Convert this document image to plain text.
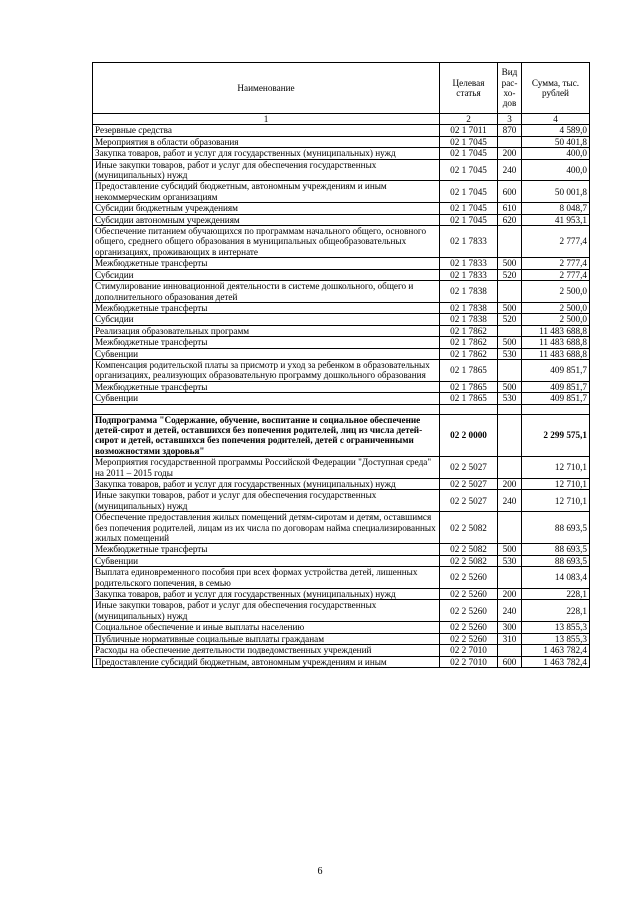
Наименование	Целевая статья	Вид рас-хо-дов	Сумма, тыс. рублей
1	2	3	4
Резервные средства	02 1 7011	870	4 589,0
Мероприятия в области образования	02 1 7045		50 401,8
Закупка товаров, работ и услуг для государственных (муниципальных) нужд	02 1 7045	200	400,0
Иные закупки товаров, работ и услуг для обеспечения государственных (муниципальных) нужд	02 1 7045	240	400,0
Предоставление субсидий бюджетным, автономным учреждениям и иным некоммерческим организациям	02 1 7045	600	50 001,8
Субсидии бюджетным учреждениям	02 1 7045	610	8 048,7
Субсидии автономным учреждениям	02 1 7045	620	41 953,1
Обеспечение питанием обучающихся по программам начального общего, основного общего, среднего общего образования в муниципальных общеобразовательных организациях, проживающих в интернате	02 1 7833		2 777,4
Межбюджетные трансферты	02 1 7833	500	2 777,4
Субсидии	02 1 7833	520	2 777,4
Стимулирование инновационной деятельности в системе дошкольного, общего и дополнительного образования детей	02 1 7838		2 500,0
Межбюджетные трансферты	02 1 7838	500	2 500,0
Субсидии	02 1 7838	520	2 500,0
Реализация образовательных программ	02 1 7862		11 483 688,8
Межбюджетные трансферты	02 1 7862	500	11 483 688,8
Субвенции	02 1 7862	530	11 483 688,8
Компенсация родительской платы за присмотр и уход за ребенком в образовательных организациях, реализующих образовательную программу дошкольного образования	02 1 7865		409 851,7
Межбюджетные трансферты	02 1 7865	500	409 851,7
Субвенции	02 1 7865	530	409 851,7

Подпрограмма "Содержание, обучение, воспитание и социальное обеспечение детей-сирот и детей, оставшихся без попечения родителей, лиц из числа детей-сирот и детей, оставшихся без попечения родителей, детей с ограниченными возможностями здоровья"	02 2 0000		2 299 575,1
Мероприятия государственной программы Российской Федерации "Доступная среда" на 2011 – 2015 годы	02 2 5027		12 710,1
Закупка товаров, работ и услуг для государственных (муниципальных) нужд	02 2 5027	200	12 710,1
Иные закупки товаров, работ и услуг для обеспечения государственных (муниципальных) нужд	02 2 5027	240	12 710,1
Обеспечение предоставления жилых помещений детям-сиротам и детям, оставшимся без попечения родителей, лицам из их числа по договорам найма специализированных жилых помещений	02 2 5082		88 693,5
Межбюджетные трансферты	02 2 5082	500	88 693,5
Субвенции	02 2 5082	530	88 693,5
Выплата единовременного пособия при всех формах устройства детей, лишенных родительского попечения, в семью	02 2 5260		14 083,4
Закупка товаров, работ и услуг для государственных (муниципальных) нужд	02 2 5260	200	228,1
Иные закупки товаров, работ и услуг для обеспечения государственных (муниципальных) нужд	02 2 5260	240	228,1
Социальное обеспечение и иные выплаты населению	02 2 5260	300	13 855,3
Публичные нормативные социальные выплаты гражданам	02 2 5260	310	13 855,3
Расходы на обеспечение деятельности подведомственных учреждений	02 2 7010		1 463 782,4
Предоставление субсидий бюджетным, автономным учреждениям и иным	02 2 7010	600	1 463 782,4
6
